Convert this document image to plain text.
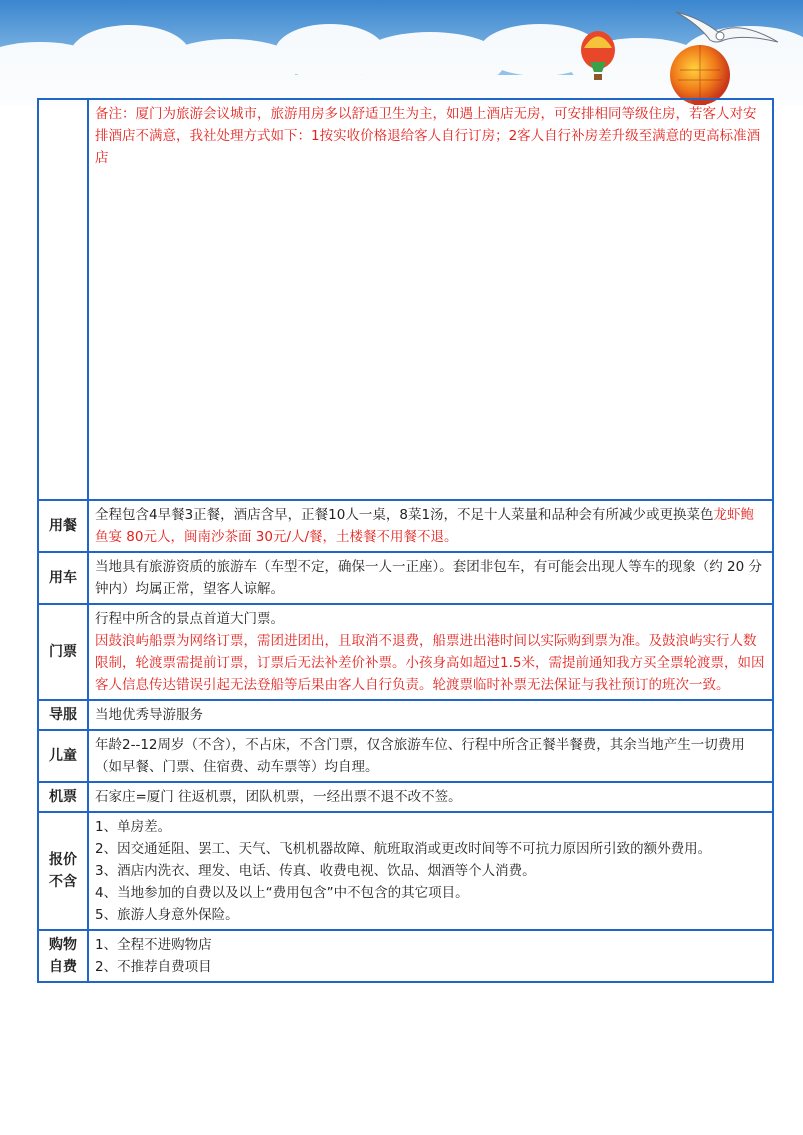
	备注：厦门为旅游会议城市，旅游用房多以舒适卫生为主，如遇上酒店无房，可安排相同等级住房，若客人对安排酒店不满意，我社处理方式如下：1按实收价格退给客人自行订房；2客人自行补房差升级至满意的更高标准酒店
用餐	全程包含4早餐3正餐，酒店含早，正餐10人一桌，8菜1汤，不足十人菜量和品种会有所减少或更换菜色龙虾鲍鱼宴 80元人，闽南沙茶面 30元/人/餐，土楼餐不用餐不退。
用车	当地具有旅游资质的旅游车（车型不定，确保一人一正座）。套团非包车，有可能会出现人等车的现象（约 20 分钟内）均属正常，望客人谅解。
门票	行程中所含的景点首道大门票。
因鼓浪屿船票为网络订票，需团进团出，且取消不退费，船票进出港时间以实际购到票为准。及鼓浪屿实行人数限制，轮渡票需提前订票，订票后无法补差价补票。小孩身高如超过1.5米，需提前通知我方买全票轮渡票，如因客人信息传达错误引起无法登船等后果由客人自行负责。轮渡票临时补票无法保证与我社预订的班次一致。

导服	当地优秀导游服务
儿童	年龄2--12周岁（不含），不占床，不含门票，仅含旅游车位、行程中所含正餐半餐费，其余当地产生一切费用（如早餐、门票、住宿费、动车票等）均自理。
机票	石家庄=厦门 往返机票，团队机票，一经出票不退不改不签。

报价
不含	1、单房差。
2、因交通延阻、罢工、天气、飞机机器故障、航班取消或更改时间等不可抗力原因所引致的额外费用。
3、酒店内洗衣、理发、电话、传真、收费电视、饮品、烟酒等个人消费。
4、当地参加的自费以及以上“费用包含”中不包含的其它项目。
5、旅游人身意外保险。

购物
自费	1、全程不进购物店
2、不推荐自费项目
